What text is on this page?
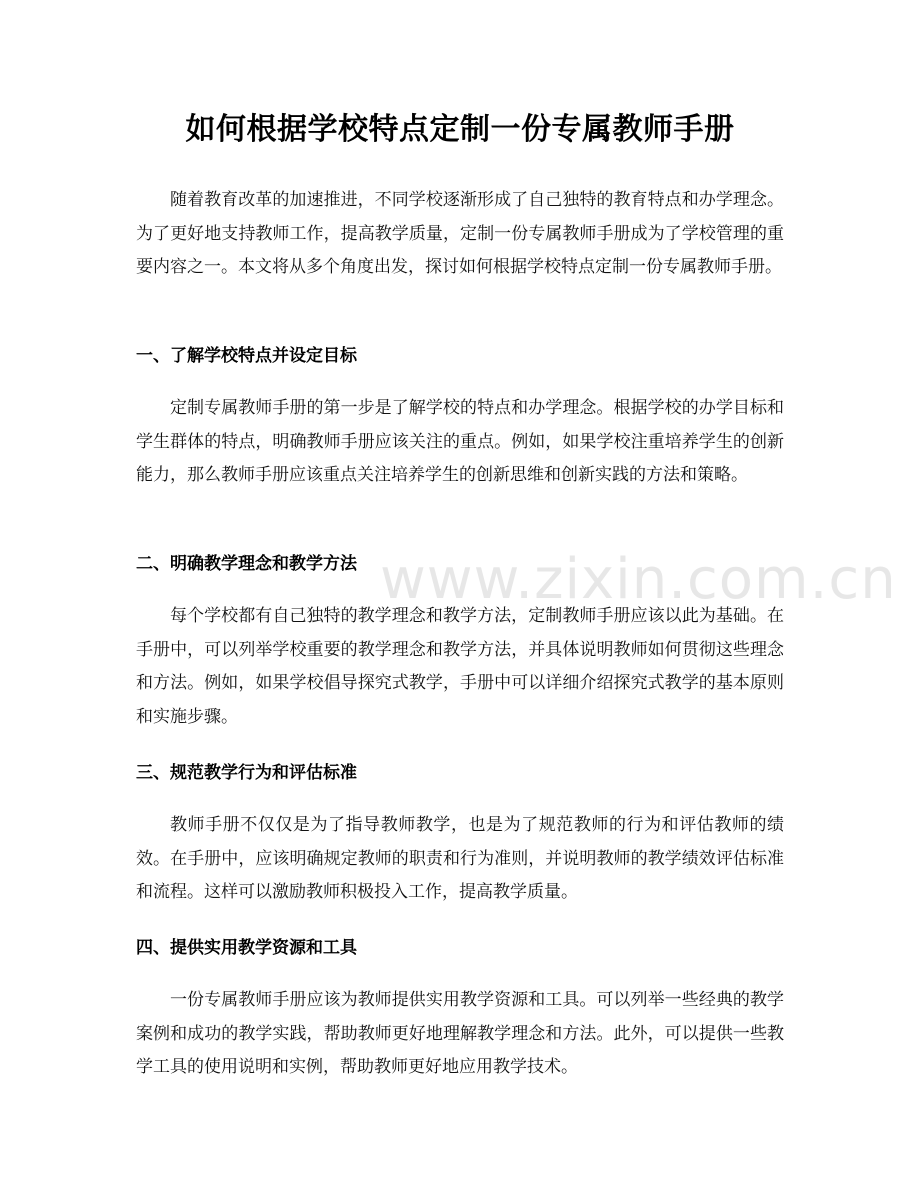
如何根据学校特点定制一份专属教师手册
随着教育改革的加速推进，不同学校逐渐形成了自己独特的教育特点和办学理念。为了更好地支持教师工作，提高教学质量，定制一份专属教师手册成为了学校管理的重要内容之一。本文将从多个角度出发，探讨如何根据学校特点定制一份专属教师手册。
一、了解学校特点并设定目标
定制专属教师手册的第一步是了解学校的特点和办学理念。根据学校的办学目标和学生群体的特点，明确教师手册应该关注的重点。例如，如果学校注重培养学生的创新能力，那么教师手册应该重点关注培养学生的创新思维和创新实践的方法和策略。
二、明确教学理念和教学方法
每个学校都有自己独特的教学理念和教学方法，定制教师手册应该以此为基础。在手册中，可以列举学校重要的教学理念和教学方法，并具体说明教师如何贯彻这些理念和方法。例如，如果学校倡导探究式教学，手册中可以详细介绍探究式教学的基本原则和实施步骤。
三、规范教学行为和评估标准
教师手册不仅仅是为了指导教师教学，也是为了规范教师的行为和评估教师的绩效。在手册中，应该明确规定教师的职责和行为准则，并说明教师的教学绩效评估标准和流程。这样可以激励教师积极投入工作，提高教学质量。
四、提供实用教学资源和工具
一份专属教师手册应该为教师提供实用教学资源和工具。可以列举一些经典的教学案例和成功的教学实践，帮助教师更好地理解教学理念和方法。此外，可以提供一些教学工具的使用说明和实例，帮助教师更好地应用教学技术。
www.zixin.com.cn
